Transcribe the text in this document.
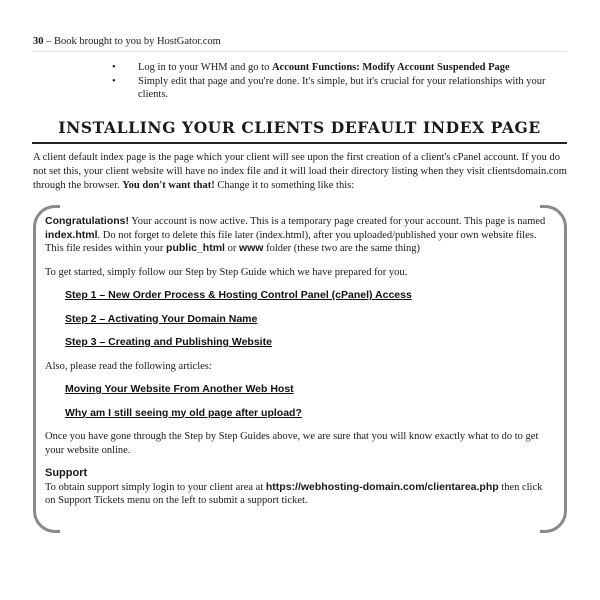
30 – Book brought to you by HostGator.com
• Log in to your WHM and go to Account Functions: Modify Account Suspended Page
• Simply edit that page and you're done. It's simple, but it's crucial for your relationships with your clients.
INSTALLING YOUR CLIENTS DEFAULT INDEX PAGE

A client default index page is the page which your client will see upon the first creation of a client's cPanel account. If you do not set this, your client website will have no index file and it will load their directory listing when they visit clientsdomain.com through the browser. You don't want that! Change it to something like this:

Congratulations! Your account is now active. This is a temporary page created for your account. This page is named index.html. Do not forget to delete this file later (index.html), after you uploaded/published your own website files. This file resides within your public_html or www folder (these two are the same thing)

To get started, simply follow our Step by Step Guide which we have prepared for you.

Step 1 – New Order Process & Hosting Control Panel (cPanel) Access
Step 2 – Activating Your Domain Name
Step 3 – Creating and Publishing Website

Also, please read the following articles:

Moving Your Website From Another Web Host
Why am I still seeing my old page after upload?

Once you have gone through the Step by Step Guides above, we are sure that you will know exactly what to do to get your website online.

Support

To obtain support simply login to your client area at https://webhosting-domain.com/clientarea.php then click on Support Tickets menu on the left to submit a support ticket.
